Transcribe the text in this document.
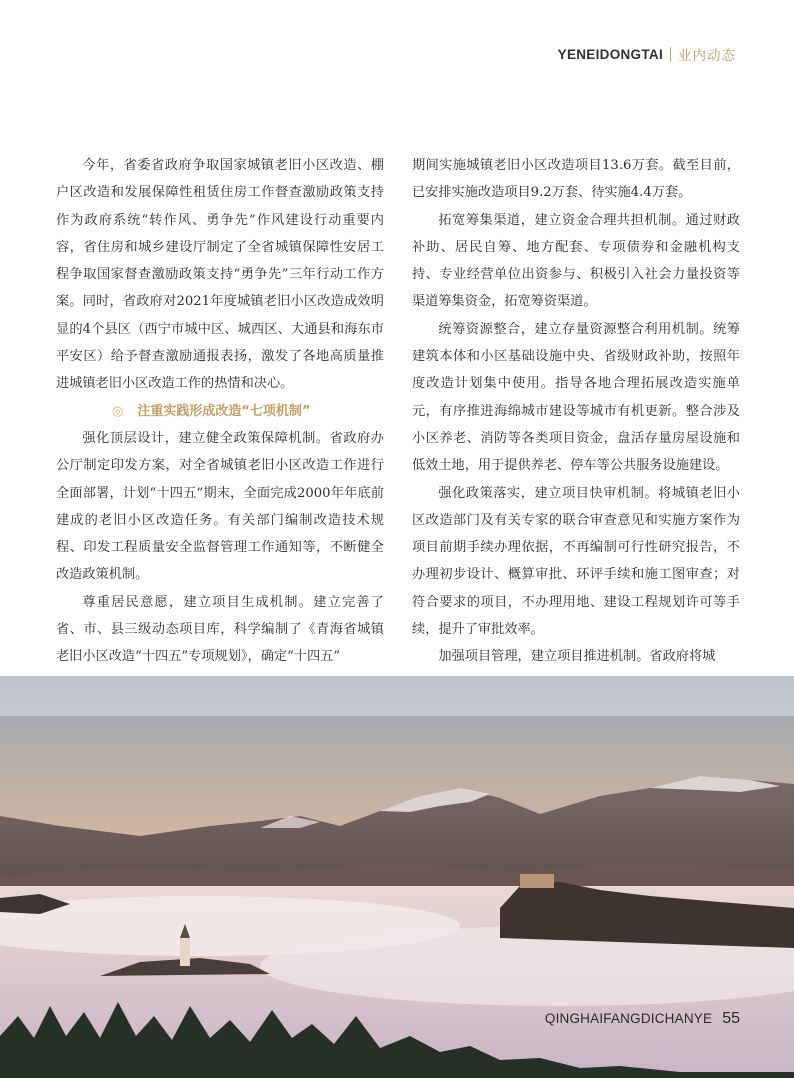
YENEIDONGTAI 业内动态

今年，省委省政府争取国家城镇老旧小区改造、棚户区改造和发展保障性租赁住房工作督查激励政策支持作为政府系统“转作风、勇争先”作风建设行动重要内容，省住房和城乡建设厅制定了全省城镇保障性安居工程争取国家督查激励政策支持“勇争先”三年行动工作方案。同时，省政府对2021年度城镇老旧小区改造成效明显的4个县区（西宁市城中区、城西区、大通县和海东市平安区）给予督查激励通报表扬，激发了各地高质量推进城镇老旧小区改造工作的热情和决心。

◎ 注重实践形成改造“七项机制”

强化顶层设计，建立健全政策保障机制。省政府办公厅制定印发方案，对全省城镇老旧小区改造工作进行全面部署，计划“十四五”期末，全面完成2000年年底前建成的老旧小区改造任务。有关部门编制改造技术规程、印发工程质量安全监督管理工作通知等，不断健全改造政策机制。

尊重居民意愿，建立项目生成机制。建立完善了省、市、县三级动态项目库，科学编制了《青海省城镇老旧小区改造“十四五”专项规划》，确定“十四五”

期间实施城镇老旧小区改造项目13.6万套。截至目前，已安排实施改造项目9.2万套、待实施4.4万套。

拓宽筹集渠道，建立资金合理共担机制。通过财政补助、居民自筹、地方配套、专项债券和金融机构支持、专业经营单位出资参与、积极引入社会力量投资等渠道筹集资金，拓宽筹资渠道。

统筹资源整合，建立存量资源整合利用机制。统筹建筑本体和小区基础设施中央、省级财政补助，按照年度改造计划集中使用。指导各地合理拓展改造实施单元，有序推进海绵城市建设等城市有机更新。整合涉及小区养老、消防等各类项目资金，盘活存量房屋设施和低效土地，用于提供养老、停车等公共服务设施建设。

强化政策落实，建立项目快审机制。将城镇老旧小区改造部门及有关专家的联合审查意见和实施方案作为项目前期手续办理依据，不再编制可行性研究报告，不办理初步设计、概算审批、环评手续和施工图审查；对符合要求的项目，不办理用地、建设工程规划许可等手续，提升了审批效率。

加强项目管理，建立项目推进机制。省政府将城

QINGHAIFANGDICHANYE 55
